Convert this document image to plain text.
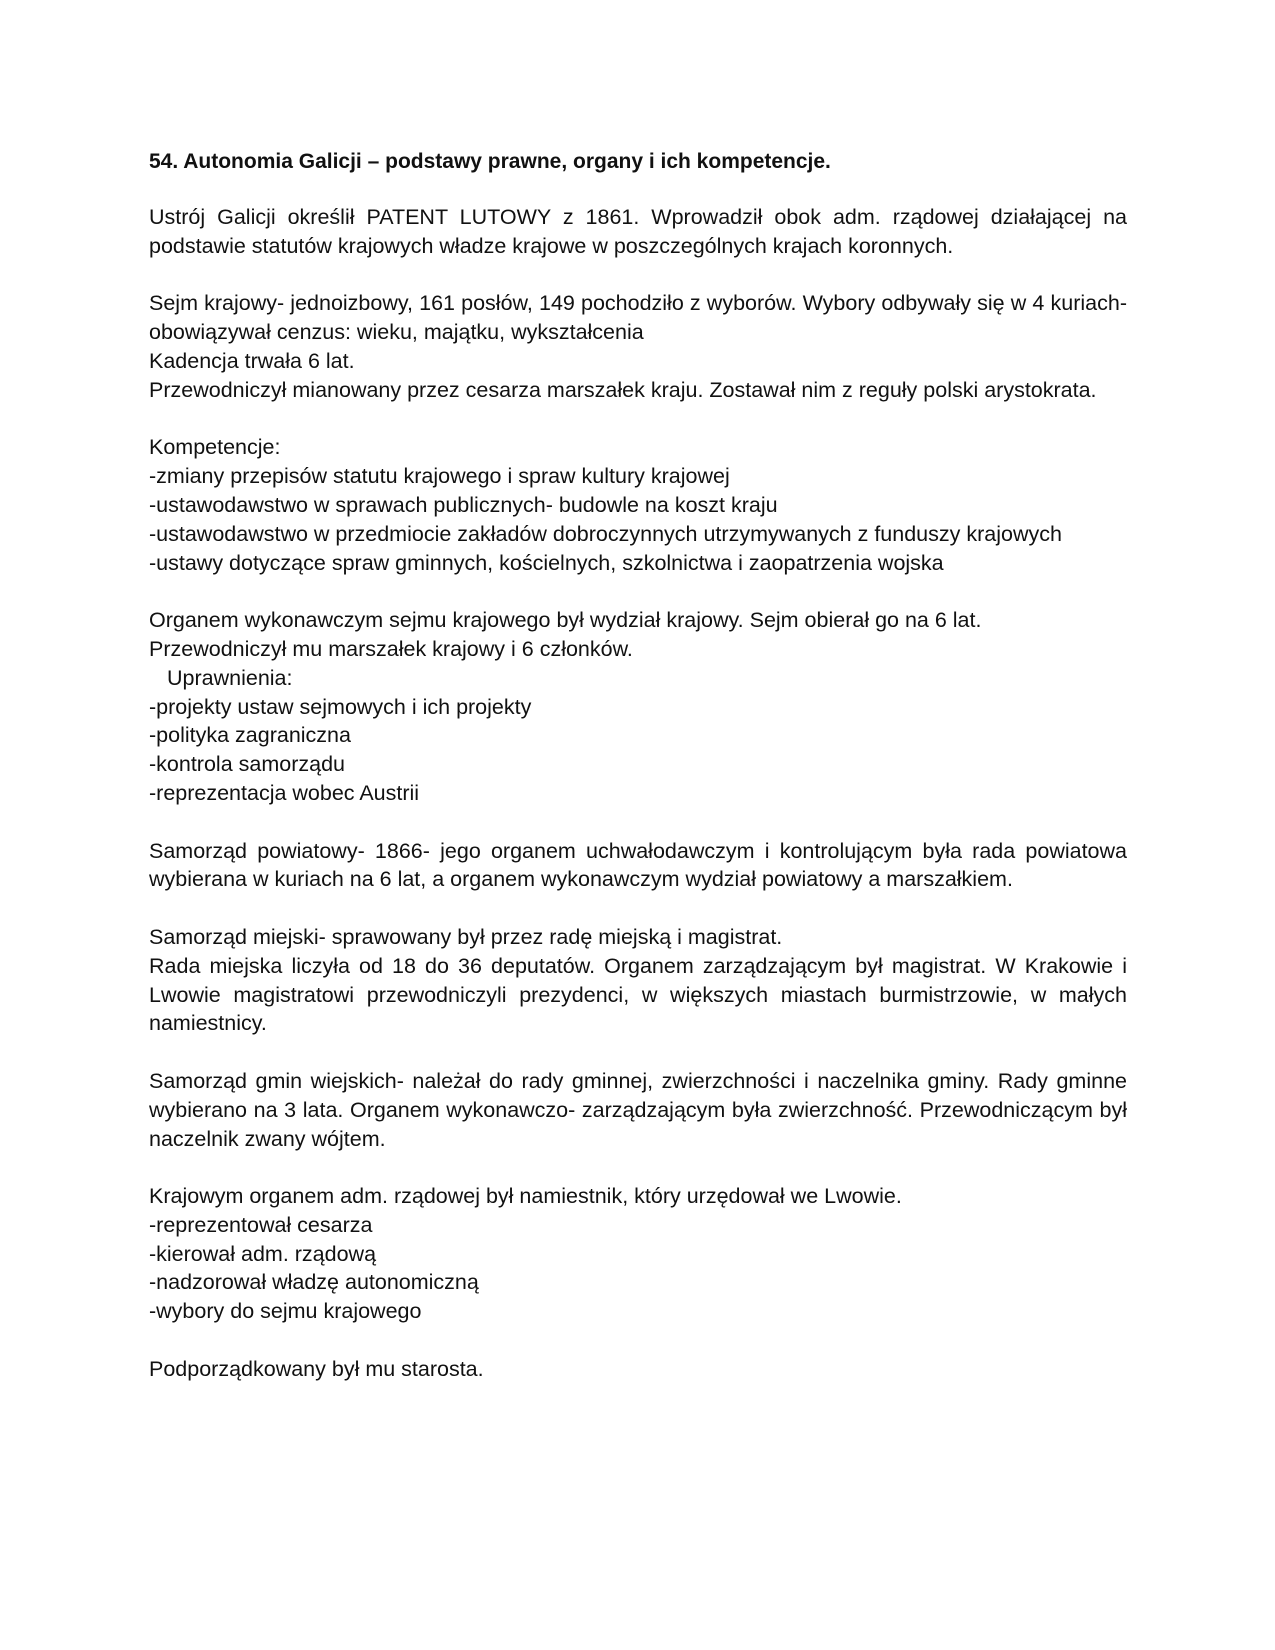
54. Autonomia Galicji – podstawy prawne, organy i ich kompetencje.
Ustrój Galicji określił PATENT LUTOWY z 1861. Wprowadził obok adm. rządowej działającej na podstawie statutów krajowych władze krajowe w poszczególnych krajach koronnych.
Sejm krajowy- jednoizbowy, 161 posłów, 149 pochodziło z wyborów. Wybory odbywały się w 4 kuriach- obowiązywał cenzus: wieku, majątku, wykształcenia
Kadencja trwała 6 lat.
Przewodniczył mianowany przez cesarza marszałek kraju. Zostawał nim z reguły polski arystokrata.
Kompetencje:
-zmiany przepisów statutu krajowego i spraw kultury krajowej
-ustawodawstwo w sprawach publicznych- budowle na koszt kraju
-ustawodawstwo w przedmiocie zakładów dobroczynnych utrzymywanych z funduszy krajowych
-ustawy dotyczące spraw gminnych, kościelnych, szkolnictwa i zaopatrzenia wojska
Organem wykonawczym sejmu krajowego był wydział krajowy. Sejm obierał go na 6 lat.
Przewodniczył mu marszałek krajowy i 6 członków.
Uprawnienia:
-projekty ustaw sejmowych i ich projekty
-polityka zagraniczna
-kontrola samorządu
-reprezentacja wobec Austrii
Samorząd powiatowy- 1866- jego organem uchwałodawczym i kontrolującym była rada powiatowa wybierana w kuriach na 6 lat, a organem wykonawczym wydział powiatowy a marszałkiem.
Samorząd miejski- sprawowany był przez radę miejską i magistrat.
Rada miejska liczyła od 18 do 36 deputatów. Organem zarządzającym był magistrat. W Krakowie i Lwowie magistratowi przewodniczyli prezydenci, w większych miastach burmistrzowie, w małych namiestnicy.
Samorząd gmin wiejskich- należał do rady gminnej, zwierzchności i naczelnika gminy. Rady gminne wybierano na 3 lata. Organem wykonawczo- zarządzającym była zwierzchność. Przewodniczącym był naczelnik zwany wójtem.
Krajowym organem adm. rządowej był namiestnik, który urzędował we Lwowie.
-reprezentował cesarza
-kierował adm. rządową
-nadzorował władzę autonomiczną
-wybory do sejmu krajowego
Podporządkowany był mu starosta.
